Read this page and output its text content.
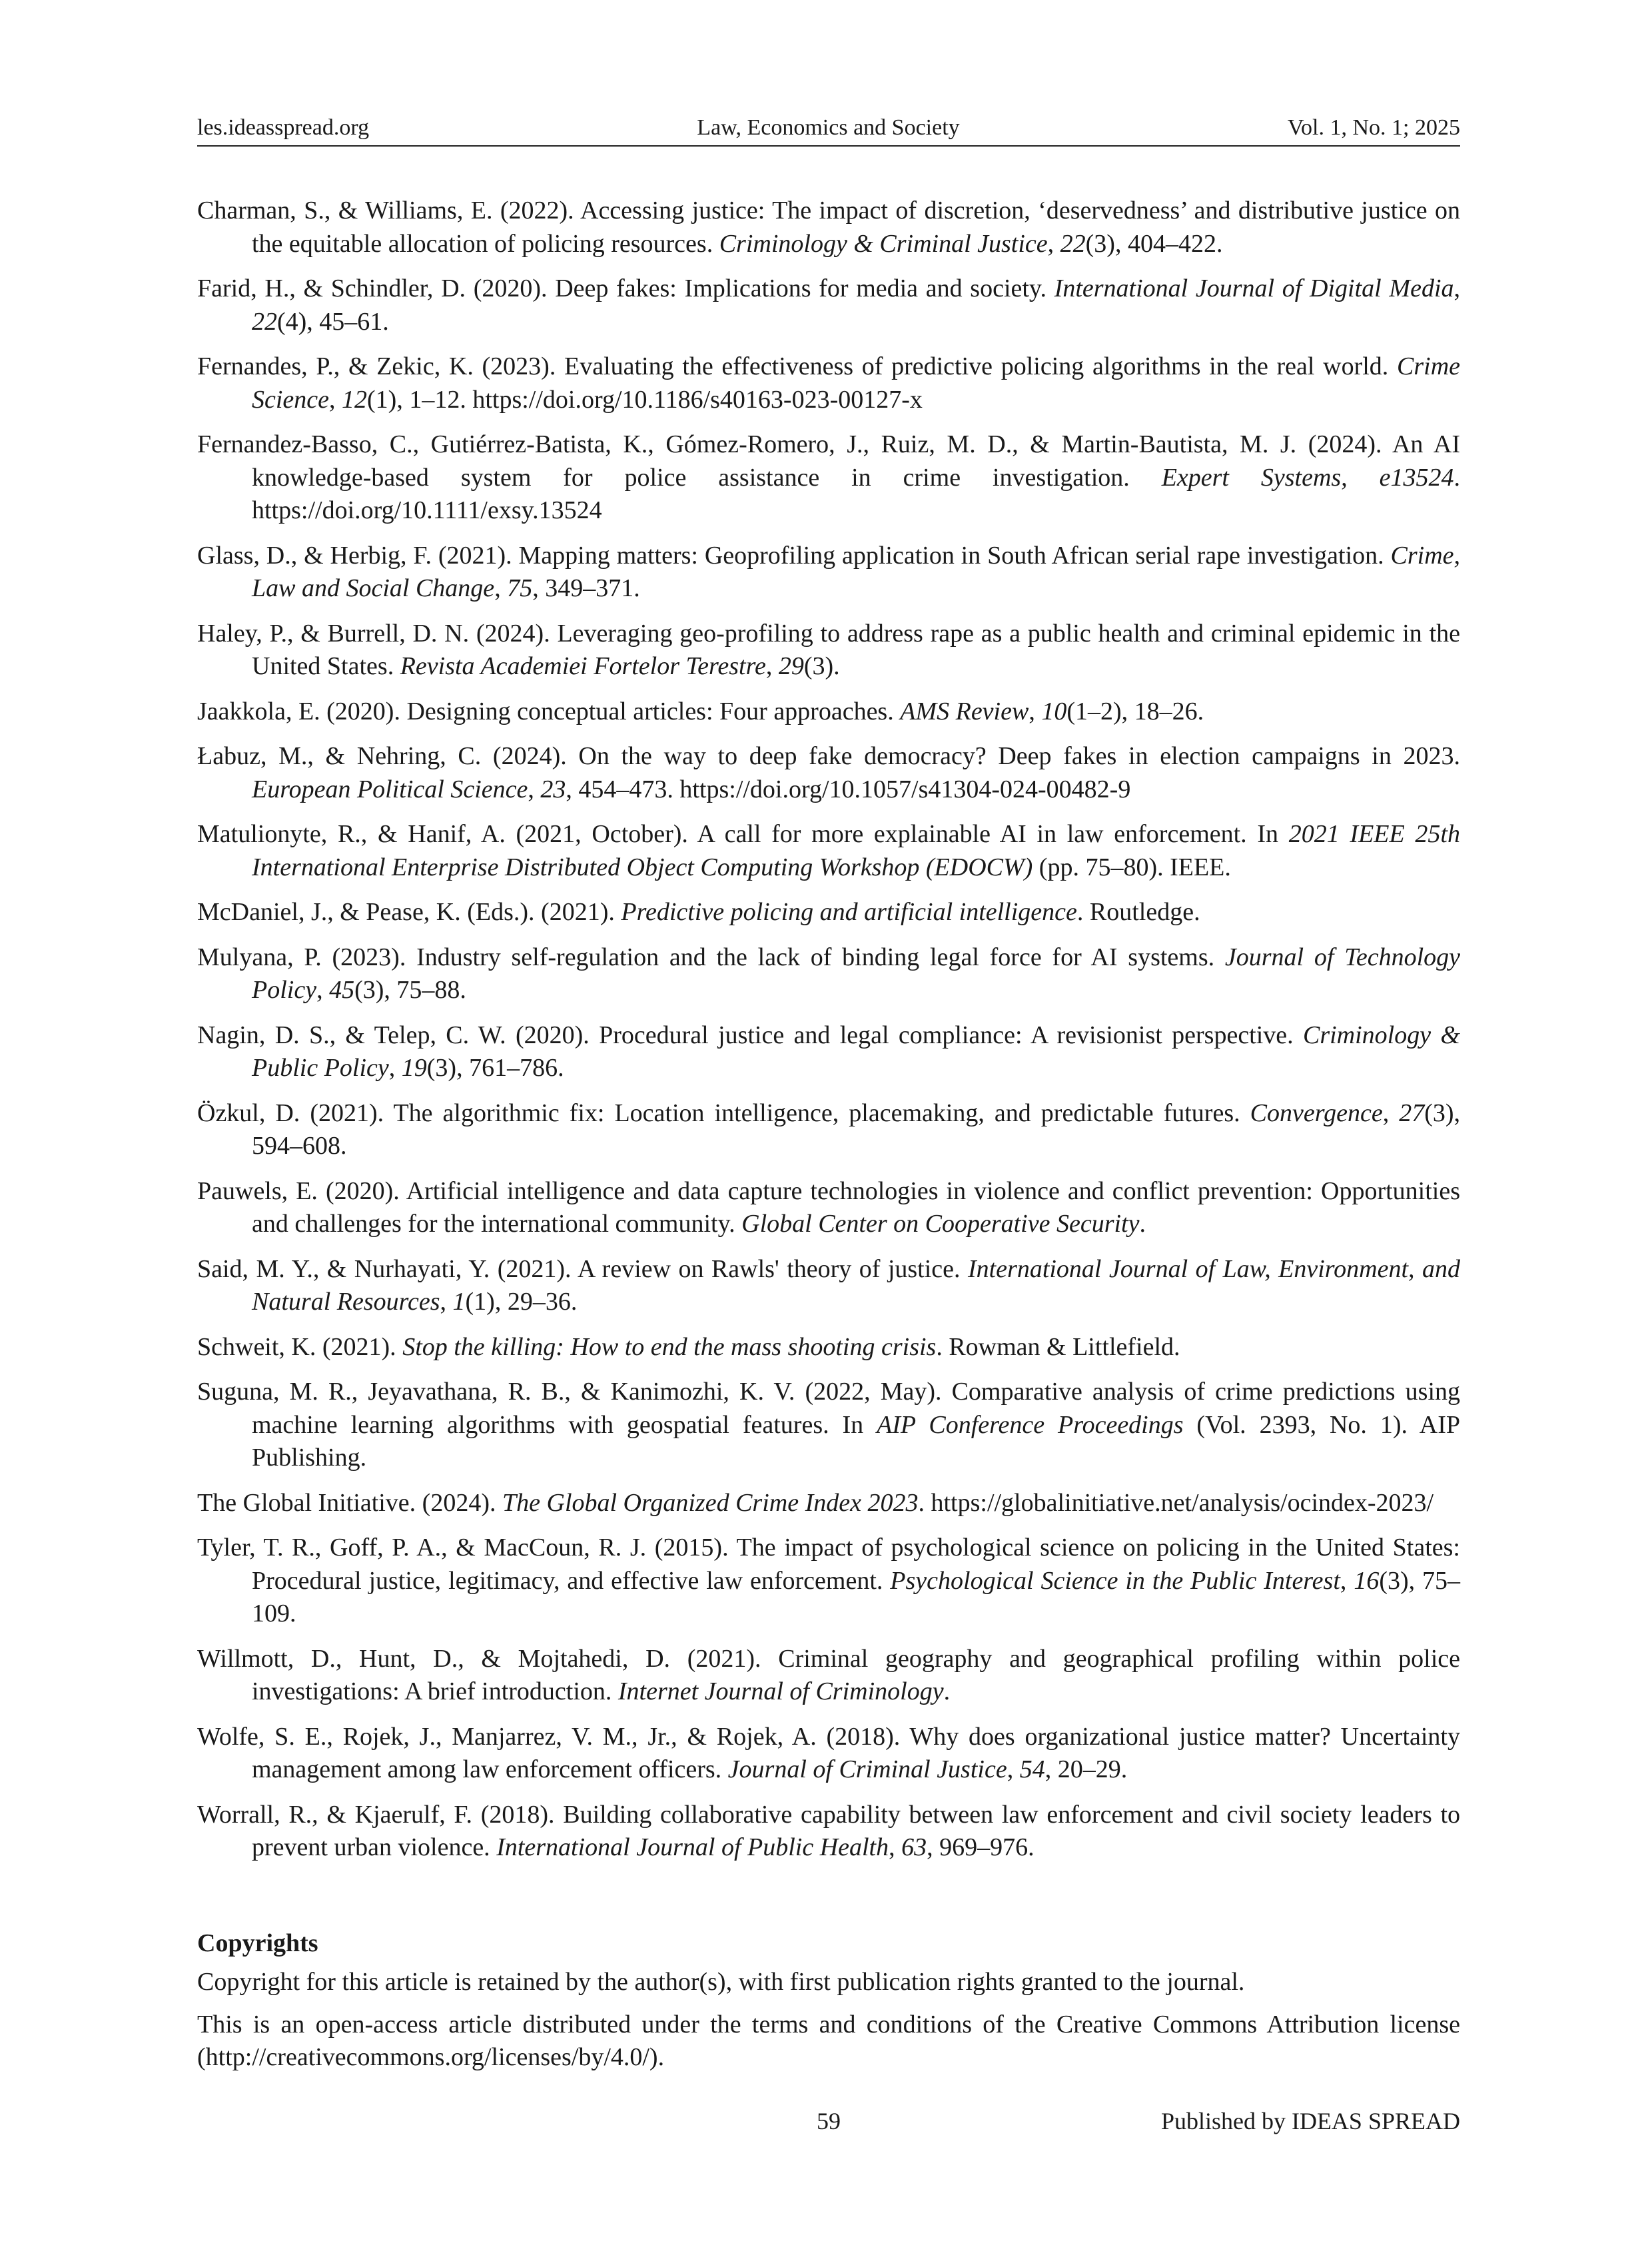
les.ideasspread.org	Law, Economics and Society	Vol. 1, No. 1; 2025

Charman, S., & Williams, E. (2022). Accessing justice: The impact of discretion, ‘deservedness’ and distributive justice on the equitable allocation of policing resources. Criminology & Criminal Justice, 22(3), 404–422.

Farid, H., & Schindler, D. (2020). Deep fakes: Implications for media and society. International Journal of Digital Media, 22(4), 45–61.

Fernandes, P., & Zekic, K. (2023). Evaluating the effectiveness of predictive policing algorithms in the real world. Crime Science, 12(1), 1–12. https://doi.org/10.1186/s40163-023-00127-x

Fernandez-Basso, C., Gutiérrez-Batista, K., Gómez-Romero, J., Ruiz, M. D., & Martin-Bautista, M. J. (2024). An AI knowledge-based system for police assistance in crime investigation. Expert Systems, e13524. https://doi.org/10.1111/exsy.13524

Glass, D., & Herbig, F. (2021). Mapping matters: Geoprofiling application in South African serial rape investigation. Crime, Law and Social Change, 75, 349–371.

Haley, P., & Burrell, D. N. (2024). Leveraging geo-profiling to address rape as a public health and criminal epidemic in the United States. Revista Academiei Fortelor Terestre, 29(3).

Jaakkola, E. (2020). Designing conceptual articles: Four approaches. AMS Review, 10(1–2), 18–26.

Łabuz, M., & Nehring, C. (2024). On the way to deep fake democracy? Deep fakes in election campaigns in 2023. European Political Science, 23, 454–473. https://doi.org/10.1057/s41304-024-00482-9

Matulionyte, R., & Hanif, A. (2021, October). A call for more explainable AI in law enforcement. In 2021 IEEE 25th International Enterprise Distributed Object Computing Workshop (EDOCW) (pp. 75–80). IEEE.

McDaniel, J., & Pease, K. (Eds.). (2021). Predictive policing and artificial intelligence. Routledge.

Mulyana, P. (2023). Industry self-regulation and the lack of binding legal force for AI systems. Journal of Technology Policy, 45(3), 75–88.

Nagin, D. S., & Telep, C. W. (2020). Procedural justice and legal compliance: A revisionist perspective. Criminology & Public Policy, 19(3), 761–786.

Özkul, D. (2021). The algorithmic fix: Location intelligence, placemaking, and predictable futures. Convergence, 27(3), 594–608.

Pauwels, E. (2020). Artificial intelligence and data capture technologies in violence and conflict prevention: Opportunities and challenges for the international community. Global Center on Cooperative Security.

Said, M. Y., & Nurhayati, Y. (2021). A review on Rawls' theory of justice. International Journal of Law, Environment, and Natural Resources, 1(1), 29–36.

Schweit, K. (2021). Stop the killing: How to end the mass shooting crisis. Rowman & Littlefield.

Suguna, M. R., Jeyavathana, R. B., & Kanimozhi, K. V. (2022, May). Comparative analysis of crime predictions using machine learning algorithms with geospatial features. In AIP Conference Proceedings (Vol. 2393, No. 1). AIP Publishing.

The Global Initiative. (2024). The Global Organized Crime Index 2023. https://globalinitiative.net/analysis/ocindex-2023/

Tyler, T. R., Goff, P. A., & MacCoun, R. J. (2015). The impact of psychological science on policing in the United States: Procedural justice, legitimacy, and effective law enforcement. Psychological Science in the Public Interest, 16(3), 75–109.

Willmott, D., Hunt, D., & Mojtahedi, D. (2021). Criminal geography and geographical profiling within police investigations: A brief introduction. Internet Journal of Criminology.

Wolfe, S. E., Rojek, J., Manjarrez, V. M., Jr., & Rojek, A. (2018). Why does organizational justice matter? Uncertainty management among law enforcement officers. Journal of Criminal Justice, 54, 20–29.

Worrall, R., & Kjaerulf, F. (2018). Building collaborative capability between law enforcement and civil society leaders to prevent urban violence. International Journal of Public Health, 63, 969–976.

Copyrights

Copyright for this article is retained by the author(s), with first publication rights granted to the journal.

This is an open-access article distributed under the terms and conditions of the Creative Commons Attribution license (http://creativecommons.org/licenses/by/4.0/).

59	Published by IDEAS SPREAD
